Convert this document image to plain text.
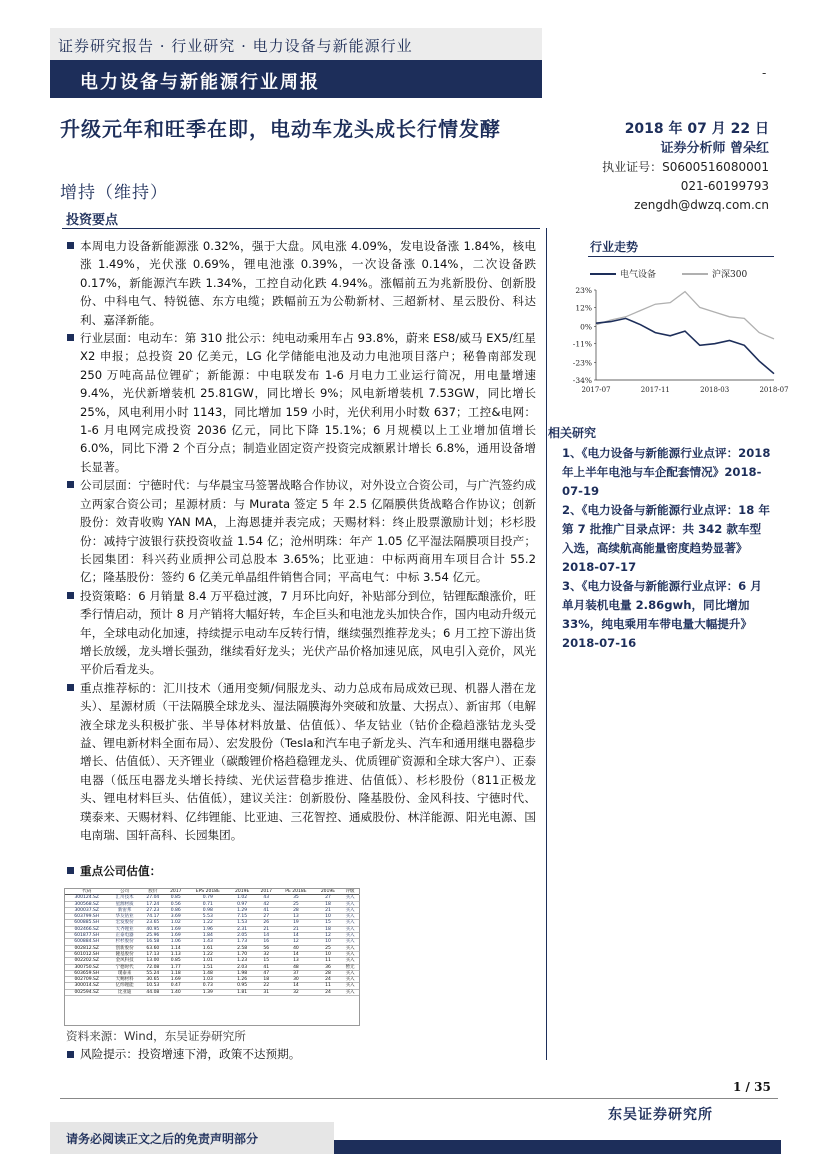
证券研究报告 · 行业研究 · 电力设备与新能源行业
电力设备与新能源行业周报	-
升级元年和旺季在即，电动车龙头成长行情发酵
增持（维持）
2018 年 07 月 22 日
证券分析师 曾朵红
执业证号：S0600516080001
021-60199793
zengdh@dwzq.com.cn
投资要点

本周电力设备新能源涨 0.32%，强于大盘。风电涨 4.09%，发电设备涨 1.84%，核电涨 1.49%，光伏涨 0.69%，锂电池涨 0.39%，一次设备涨 0.14%，二次设备跌 0.17%，新能源汽车跌 1.34%，工控自动化跌 4.94%。涨幅前五为兆新股份、创新股份、中科电气、特锐德、东方电缆；跌幅前五为公勒新材、三超新材、星云股份、科达利、嘉泽新能。

行业层面：电动车：第 310 批公示：纯电动乘用车占 93.8%，蔚来 ES8/威马 EX5/红星 X2 申报；总投资 20 亿美元，LG 化学储能电池及动力电池项目落户；秘鲁南部发现 250 万吨高品位锂矿；新能源：中电联发布 1-6 月电力工业运行简况，用电量增速 9.4%，光伏新增装机 25.81GW，同比增长 9%；风电新增装机 7.53GW，同比增长 25%，风电利用小时 1143，同比增加 159 小时，光伏利用小时数 637；工控&电网：1-6 月电网完成投资 2036 亿元，同比下降 15.1%；6 月规模以上工业增加值增长 6.0%，同比下滑 2 个百分点；制造业固定资产投资完成额累计增长 6.8%，通用设备增长显著。

公司层面：宁德时代：与华晨宝马签署战略合作协议，对外设立合资公司，与广汽签约成立两家合资公司；星源材质：与 Murata 签定 5 年 2.5 亿隔膜供货战略合作协议；创新股份：效青收购 YAN MA，上海恩捷并表完成；天赐材料：终止股票激励计划；杉杉股份：减持宁波银行获投资收益 1.54 亿；沧州明珠：年产 1.05 亿平湿法隔膜项目投产；长园集团：科兴药业质押公司总股本 3.65%；比亚迪：中标两商用车项目合计 55.2 亿；隆基股份：签约 6 亿美元单晶组件销售合同；平高电气：中标 3.54 亿元。

投资策略：6 月销量 8.4 万平稳过渡，7 月环比向好，补贴部分到位，钴锂酝酿涨价，旺季行情启动，预计 8 月产销将大幅好转，车企巨头和电池龙头加快合作，国内电动升级元年，全球电动化加速，持续提示电动车反转行情，继续强烈推荐龙头；6 月工控下游出货增长放缓，龙头增长强劲，继续看好龙头；光伏产品价格加速见底，风电引入竞价，风光平价后看龙头。

重点推荐标的：汇川技术（通用变频/伺服龙头、动力总成布局成效已现、机器人潜在龙头）、星源材质（干法隔膜全球龙头、湿法隔膜海外突破和放量、大拐点）、新宙邦（电解液全球龙头积极扩张、半导体材料放量、估值低）、华友钴业（钴价企稳趋涨钴龙头受益、锂电新材料全面布局）、宏发股份（Tesla和汽车电子新龙头、汽车和通用继电器稳步增长、估值低）、天齐锂业（碳酸锂价格趋稳锂龙头、优质锂矿资源和全球大客户）、正泰电器（低压电器龙头增长持续、光伏运营稳步推进、估值低）、杉杉股份（811正极龙头、锂电材料巨头、估值低），建议关注：创新股份、隆基股份、金风科技、宁德时代、璞泰来、天赐材料、亿纬锂能、比亚迪、三花智控、通威股份、林洋能源、阳光电源、国电南瑞、国轩高科、长园集团。

重点公司估值：
代码	公司	股价	2017	EPS 2018E	2019E	2017	PE 2018E	2019E	评级
300124.SZ	汇川技术	27.04	0.85	0.79	1.02	43	35	27	买入
300568.SZ	星源材质	17.24	0.56	0.71	0.97	42	25	18	买入
300037.SZ	新宙邦	27.23	0.86	0.98	1.29	41	28	21	买入
603799.SH	华友钴业	74.17	3.69	5.53	7.15	27	13	10	买入
600885.SH	宏发股份	23.65	1.02	1.22	1.53	26	19	15	买入
002466.SZ	天齐锂业	40.95	1.69	1.96	2.31	21	21	18	买入
601877.SH	正泰电器	25.96	1.69	1.84	2.05	14	14	12	买入
600884.SH	杉杉股份	16.58	1.06	1.43	1.73	16	12	10	买入
002812.SZ	创新股份	63.60	1.14	1.61	2.58	56	40	25	买入
601012.SH	隆基股份	17.13	1.13	1.22	1.70	32	14	10	买入
002202.SZ	金风科技	13.00	0.85	1.01	1.23	15	13	11	买入
300750.SZ	宁德时代	72.08	1.77	1.51	2.03	41	48	36	暂无
603659.SH	璞泰来	55.24	1.18	1.48	1.98	47	37	28	买入
002709.SZ	天赐材料	30.65	1.69	1.03	1.26	18	30	24	买入
300014.SZ	亿纬锂能	10.53	0.47	0.73	0.95	22	14	11	买入
002594.SZ	比亚迪	44.08	1.40	1.39	1.81	31	32	24	买入
资料来源：Wind，东吴证券研究所
风险提示：投资增速下滑，政策不达预期。
行业走势
电气设备	沪深300
23%
12%
0%
-11%
-23%
-34%
2017-07	2017-11	2018-03	2018-07
相关研究

1、《电力设备与新能源行业点评：2018 年上半年电池与车企配套情况》2018-07-19

2、《电力设备与新能源行业点评：18 年第 7 批推广目录点评：共 342 款车型入选，高续航高能量密度趋势显著》2018-07-17

3、《电力设备与新能源行业点评：6 月单月装机电量 2.86gwh，同比增加 33%，纯电乘用车带电量大幅提升》2018-07-16

1 / 35
东吴证券研究所
请务必阅读正文之后的免责声明部分
